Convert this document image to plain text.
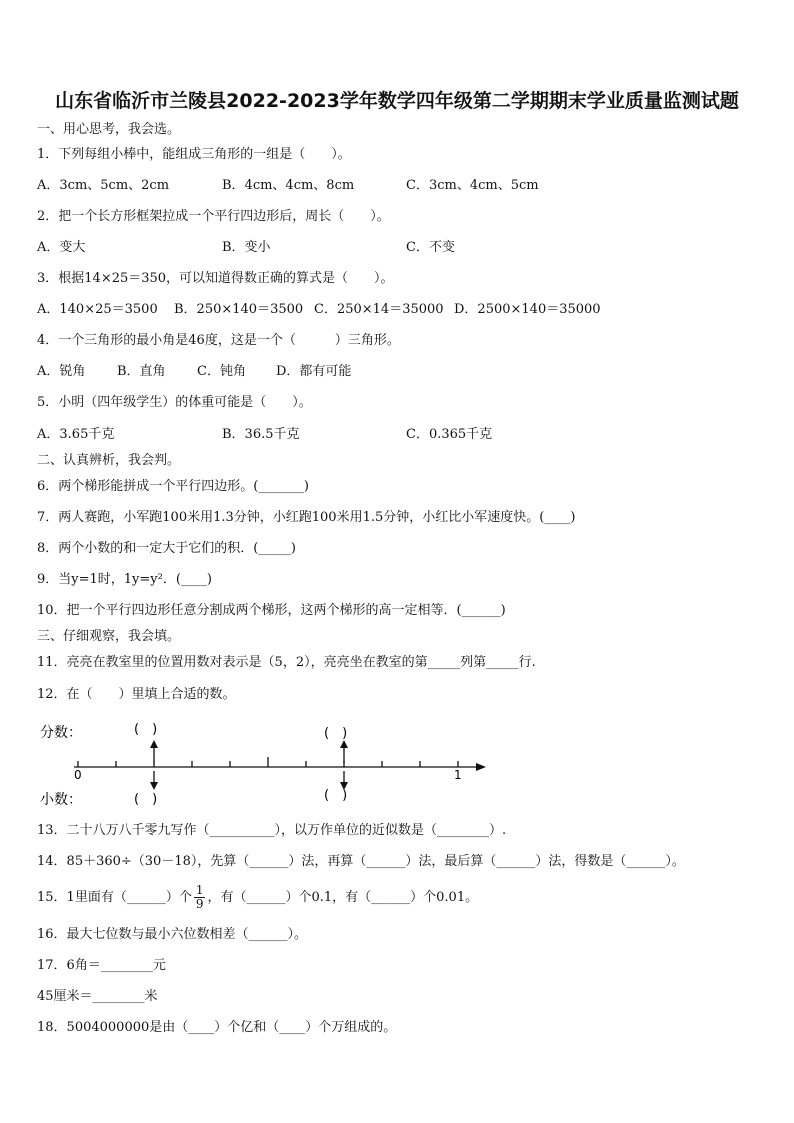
山东省临沂市兰陵县2022-2023学年数学四年级第二学期期末学业质量监测试题
一、用心思考，我会选。
1．下列每组小棒中，能组成三角形的一组是（　　）。
A．3cm、5cm、2cm	B．4cm、4cm、8cm	C．3cm、4cm、5cm
2．把一个长方形框架拉成一个平行四边形后，周长（　　）。
A．变大	B．变小	C．不变
3．根据14×25＝350，可以知道得数正确的算式是（　　）。
A．140×25＝3500 B．250×140＝3500 C．250×14＝35000 D．2500×140＝35000
4．一个三角形的最小角是46度，这是一个（　　　）三角形。
A．锐角 B．直角 C．钝角 D．都有可能
5．小明（四年级学生）的体重可能是（　　）。
A．3.65千克	B．36.5千克	C．0.365千克
二、认真辨析，我会判。
6．两个梯形能拼成一个平行四边形。(_______)
7．两人赛跑，小军跑100米用1.3分钟，小红跑100米用1.5分钟，小红比小军速度快。(____)
8．两个小数的和一定大于它们的积．(_____)
9．当y=1时，1y=y²．(____)
10．把一个平行四边形任意分割成两个梯形，这两个梯形的高一定相等．(______)
三、仔细观察，我会填。
11．亮亮在教室里的位置用数对表示是（5，2），亮亮坐在教室的第_____列第_____行.
12．在（　　）里填上合适的数。
分数：
小数：
0	1
(　)	(　)
(　)	(　)
13．二十八万八千零九写作（__________），以万作单位的近似数是（________）.
14．85＋360÷（30－18），先算（______）法，再算（______）法，最后算（______）法，得数是（______）。
15．1里面有（______）个 $\frac{1}{9}$ ，有（______）个0.1，有（______）个0.01。
16．最大七位数与最小六位数相差（______）。
17．6角＝________元
45厘米＝________米
18．5004000000是由（____）个亿和（____）个万组成的。
